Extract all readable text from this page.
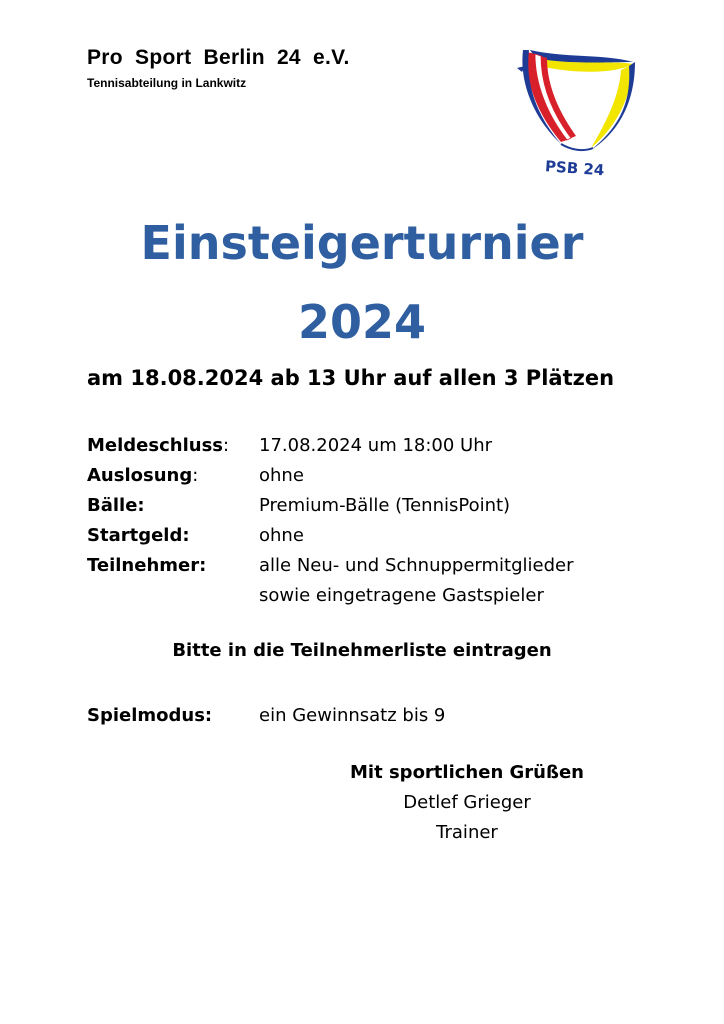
Pro Sport Berlin 24 e.V.
Tennisabteilung in Lankwitz
PSB 24
Einsteigerturnier
2024
am 18.08.2024 ab 13 Uhr auf allen 3 Plätzen
Meldeschluss:	17.08.2024 um 18:00 Uhr
Auslosung:	ohne
Bälle:	Premium-Bälle (TennisPoint)
Startgeld:	ohne
Teilnehmer:	alle Neu- und Schnuppermitglieder
sowie eingetragene Gastspieler
Bitte in die Teilnehmerliste eintragen
Spielmodus:	ein Gewinnsatz bis 9
Mit sportlichen Grüßen
Detlef Grieger
Trainer
